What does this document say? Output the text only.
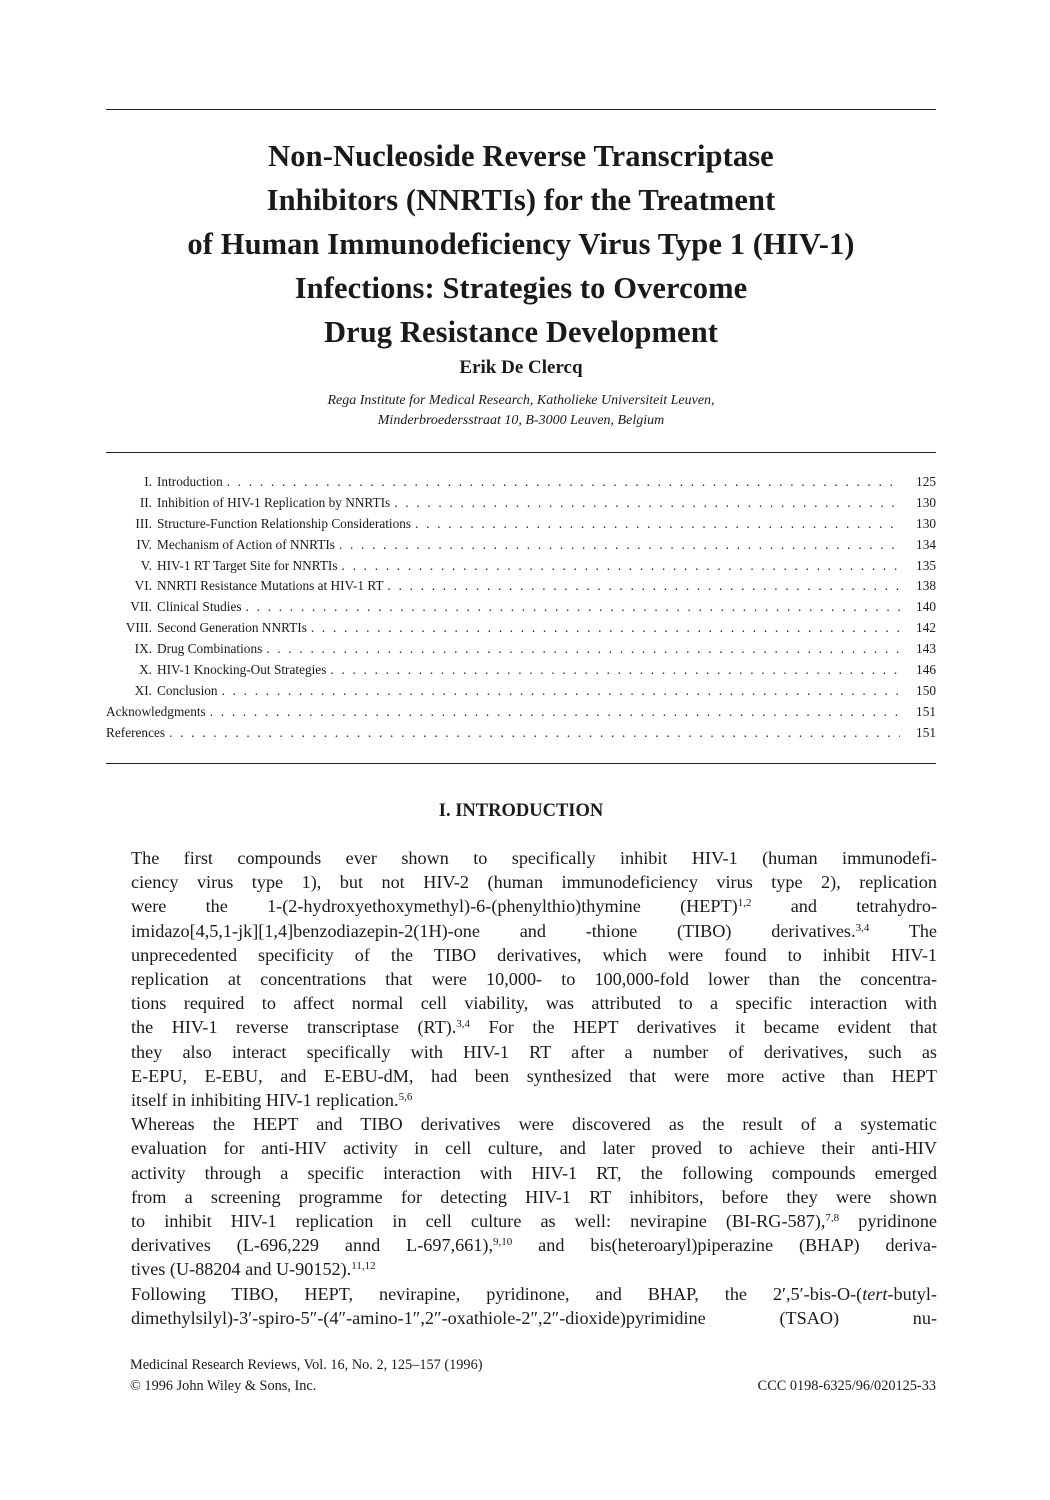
Non-Nucleoside Reverse Transcriptase
Inhibitors (NNRTIs) for the Treatment
of Human Immunodeficiency Virus Type 1 (HIV-1)
Infections: Strategies to Overcome
Drug Resistance Development
Erik De Clercq
Rega Institute for Medical Research, Katholieke Universiteit Leuven,
Minderbroedersstraat 10, B-3000 Leuven, Belgium
I. Introduction . . .	125
II. Inhibition of HIV-1 Replication by NNRTIs . . .	130
III. Structure-Function Relationship Considerations . . .	130
IV. Mechanism of Action of NNRTIs . . .	134
V. HIV-1 RT Target Site for NNRTIs . . .	135
VI. NNRTI Resistance Mutations at HIV-1 RT . . .	138
VII. Clinical Studies . . .	140
VIII. Second Generation NNRTIs . . .	142
IX. Drug Combinations . . .	143
X. HIV-1 Knocking-Out Strategies . . .	146
XI. Conclusion . . .	150
Acknowledgments . . .	151
References . . .	151
I. INTRODUCTION

The first compounds ever shown to specifically inhibit HIV-1 (human immunodefi-
ciency virus type 1), but not HIV-2 (human immunodeficiency virus type 2), replication
were the 1-(2-hydroxyethoxymethyl)-6-(phenylthio)thymine (HEPT)$^{1,2}$ and tetrahydro-
imidazo[4,5,1-jk][1,4]benzodiazepin-2(1H)-one and -thione (TIBO) derivatives.$^{3,4}$ The
unprecedented specificity of the TIBO derivatives, which were found to inhibit HIV-1
replication at concentrations that were 10,000- to 100,000-fold lower than the concentra-
tions required to affect normal cell viability, was attributed to a specific interaction with
the HIV-1 reverse transcriptase (RT).$^{3,4}$ For the HEPT derivatives it became evident that
they also interact specifically with HIV-1 RT after a number of derivatives, such as
E-EPU, E-EBU, and E-EBU-dM, had been synthesized that were more active than HEPT
itself in inhibiting HIV-1 replication.$^{5,6}$

Whereas the HEPT and TIBO derivatives were discovered as the result of a systematic
evaluation for anti-HIV activity in cell culture, and later proved to achieve their anti-HIV
activity through a specific interaction with HIV-1 RT, the following compounds emerged
from a screening programme for detecting HIV-1 RT inhibitors, before they were shown
to inhibit HIV-1 replication in cell culture as well: nevirapine (BI-RG-587),$^{7,8}$ pyridinone
derivatives (L-696,229 annd L-697,661),$^{9,10}$ and bis(heteroaryl)piperazine (BHAP) deriva-
tives (U-88204 and U-90152).$^{11,12}$

Following TIBO, HEPT, nevirapine, pyridinone, and BHAP, the 2′,5′-bis-O-(tert-butyl-
dimethylsilyl)-3′-spiro-5″-(4″-amino-1″,2″-oxathiole-2″,2″-dioxide)pyrimidine (TSAO) nu-

Medicinal Research Reviews, Vol. 16, No. 2, 125–157 (1996)
© 1996 John Wiley & Sons, Inc.	CCC 0198-6325/96/020125-33
